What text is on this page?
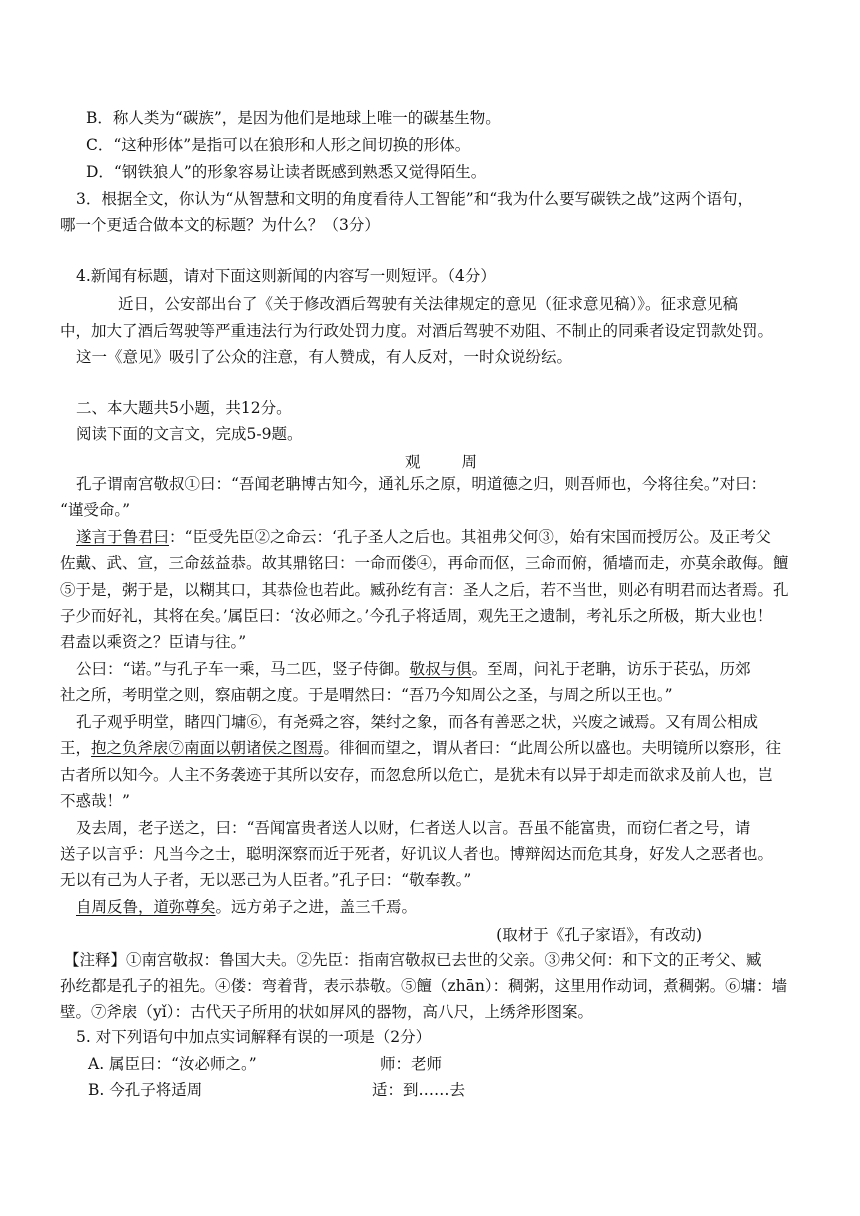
B．称人类为“碳族”，是因为他们是地球上唯一的碳基生物。
C．“这种形体”是指可以在狼形和人形之间切换的形体。
D．“钢铁狼人”的形象容易让读者既感到熟悉又觉得陌生。
3．根据全文，你认为“从智慧和文明的角度看待人工智能”和“我为什么要写碳铁之战”这两个语句，
哪一个更适合做本文的标题？为什么？（3分）
4.新闻有标题，请对下面这则新闻的内容写一则短评。（4分）
近日，公安部出台了《关于修改酒后驾驶有关法律规定的意见（征求意见稿）》。征求意见稿
中，加大了酒后驾驶等严重违法行为行政处罚力度。对酒后驾驶不劝阻、不制止的同乘者设定罚款处罚。
这一《意见》吸引了公众的注意，有人赞成，有人反对，一时众说纷纭。
二、本大题共5小题，共12分。
阅读下面的文言文，完成5-9题。
观 周
孔子谓南宫敬叔①曰：“吾闻老聃博古知今，通礼乐之原，明道德之归，则吾师也，今将往矣。”对曰：
“谨受命。”
遂言于鲁君曰：“臣受先臣②之命云：‘孔子圣人之后也。其祖弗父何③，始有宋国而授厉公。及正考父
佐戴、武、宣，三命兹益恭。故其鼎铭曰：一命而偻④，再命而伛，三命而俯，循墙而走，亦莫余敢侮。饘
⑤于是，粥于是，以糊其口，其恭俭也若此。臧孙纥有言：圣人之后，若不当世，则必有明君而达者焉。孔
子少而好礼，其将在矣。’属臣曰：‘汝必师之。’今孔子将适周，观先王之遗制，考礼乐之所极，斯大业也！
君盍以乘资之？臣请与往。”
公曰：“诺。”与孔子车一乘，马二匹，竖子侍御。敬叔与俱。至周，问礼于老聃，访乐于苌弘，历郊
社之所，考明堂之则，察庙朝之度。于是喟然曰：“吾乃今知周公之圣，与周之所以王也。”
孔子观乎明堂，睹四门墉⑥，有尧舜之容，桀纣之象，而各有善恶之状，兴废之诫焉。又有周公相成
王，抱之负斧扆⑦南面以朝诸侯之图焉。徘徊而望之，谓从者曰：“此周公所以盛也。夫明镜所以察形，往
古者所以知今。人主不务袭迹于其所以安存，而忽怠所以危亡，是犹未有以异于却走而欲求及前人也，岂
不惑哉！”
及去周，老子送之，曰：“吾闻富贵者送人以财，仁者送人以言。吾虽不能富贵，而窃仁者之号，请
送子以言乎：凡当今之士，聪明深察而近于死者，好讥议人者也。博辩闳达而危其身，好发人之恶者也。
无以有己为人子者，无以恶己为人臣者。”孔子曰：“敬奉教。”
自周反鲁，道弥尊矣。远方弟子之进，盖三千焉。
(取材于《孔子家语》，有改动)
【注释】①南宫敬叔：鲁国大夫。②先臣：指南宫敬叔已去世的父亲。③弗父何：和下文的正考父、臧
孙纥都是孔子的祖先。④偻：弯着背，表示恭敬。⑤饘（zhān）：稠粥，这里用作动词，煮稠粥。⑥墉：墙
壁。⑦斧扆（yǐ）：古代天子所用的状如屏风的器物，高八尺，上绣斧形图案。
5. 对下列语句中加点实词解释有误的一项是（2分）
A. 属臣曰：“汝必师之。”	师：老师
B. 今孔子将适周	适：到……去
